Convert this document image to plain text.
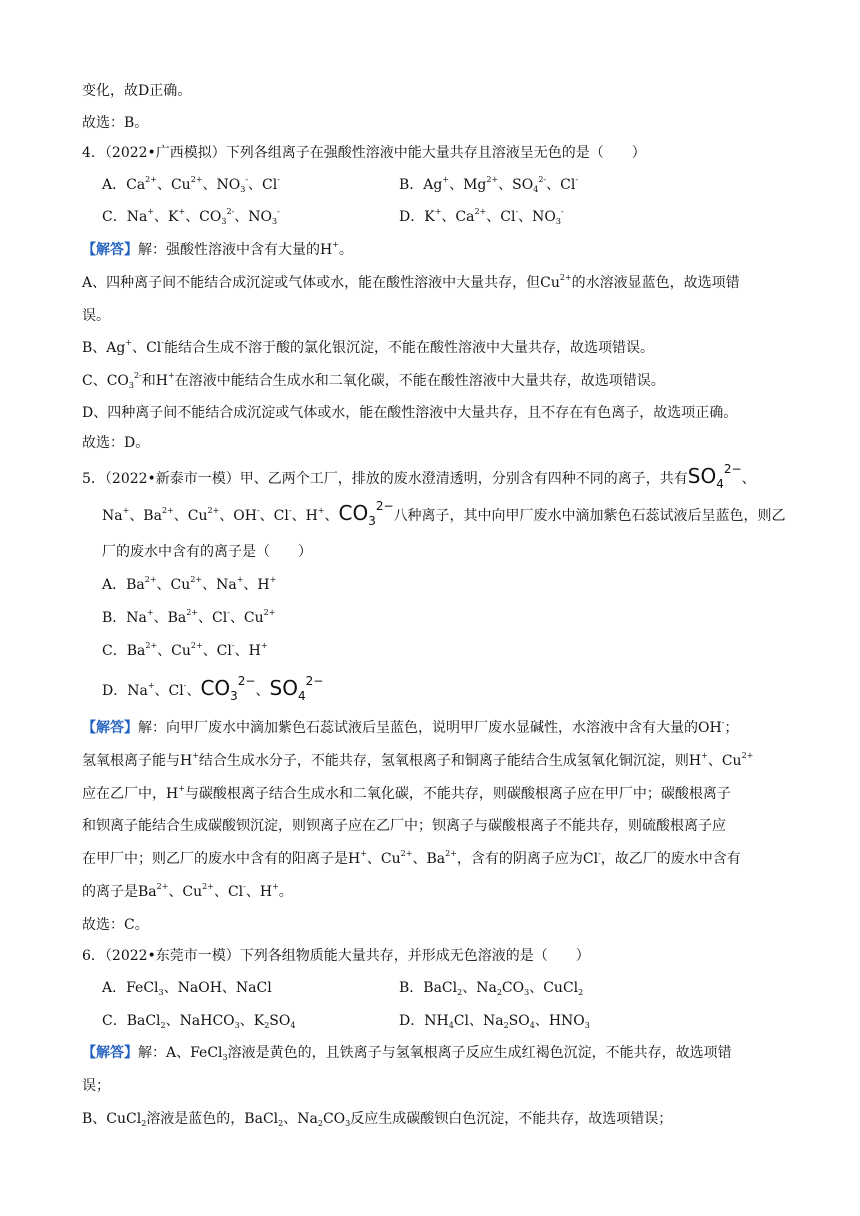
变化，故D正确。
故选：B。
4．（2022•广西模拟）下列各组离子在强酸性溶液中能大量共存且溶液呈无色的是（　　）
A．$Ca^{2+}$、$Cu^{2+}$、$NO_3^-$、Cl-	B．Ag+、$Mg^{2+}$、$SO_4^{2-}$、Cl-
C．Na+、K+、$CO_3^{2-}$、$NO_3^-$	D．K+、$Ca^{2+}$、Cl-、$NO_3^-$
【解答】解：强酸性溶液中含有大量的H+。
A、四种离子间不能结合成沉淀或气体或水，能在酸性溶液中大量共存，但$Cu^{2+}$的水溶液显蓝色，故选项错
误。
B、Ag+、Cl-能结合生成不溶于酸的氯化银沉淀，不能在酸性溶液中大量共存，故选项错误。
C、$CO_3^{2-}$和H+在溶液中能结合生成水和二氧化碳，不能在酸性溶液中大量共存，故选项错误。
D、四种离子间不能结合成沉淀或气体或水，能在酸性溶液中大量共存，且不存在有色离子，故选项正确。
故选：D。
5．（2022•新泰市一模）甲、乙两个工厂，排放的废水澄清透明，分别含有四种不同的离子，共有$SO_4^{2-}$、
Na+、$Ba^{2+}$、$Cu^{2+}$、OH-、Cl-、H+、$CO_3^{2-}$八种离子，其中向甲厂废水中滴加紫色石蕊试液后呈蓝色，则乙
厂的废水中含有的离子是（　　）
A．$Ba^{2+}$、$Cu^{2+}$、Na+、H+
B．Na+、$Ba^{2+}$、Cl-、$Cu^{2+}$
C．$Ba^{2+}$、$Cu^{2+}$、Cl-、H+
D．Na+、Cl-、$CO_3^{2-}$、$SO_4^{2-}$
【解答】解：向甲厂废水中滴加紫色石蕊试液后呈蓝色，说明甲厂废水显碱性，水溶液中含有大量的OH-；
氢氧根离子能与H+结合生成水分子，不能共存，氢氧根离子和铜离子能结合生成氢氧化铜沉淀，则H+、$Cu^{2+}$
应在乙厂中，H+与碳酸根离子结合生成水和二氧化碳，不能共存，则碳酸根离子应在甲厂中；碳酸根离子
和钡离子能结合生成碳酸钡沉淀，则钡离子应在乙厂中；钡离子与碳酸根离子不能共存，则硫酸根离子应
在甲厂中；则乙厂的废水中含有的阳离子是H+、$Cu^{2+}$、$Ba^{2+}$，含有的阴离子应为Cl-，故乙厂的废水中含有
的离子是$Ba^{2+}$、$Cu^{2+}$、Cl-、H+。
故选：C。
6．（2022•东莞市一模）下列各组物质能大量共存，并形成无色溶液的是（　　）
A．FeCl$_3$、NaOH、NaCl	B．BaCl$_2$、$Na_2CO_3$、CuCl$_2$
C．BaCl$_2$、NaHCO$_3$、$K_2SO_4$	D．$NH_4Cl$、$Na_2SO_4$、$HNO_3$
【解答】解：A、FeCl$_3$溶液是黄色的，且铁离子与氢氧根离子反应生成红褐色沉淀，不能共存，故选项错
误；
B、CuCl$_2$溶液是蓝色的，BaCl$_2$、$Na_2CO_3$反应生成碳酸钡白色沉淀，不能共存，故选项错误；
